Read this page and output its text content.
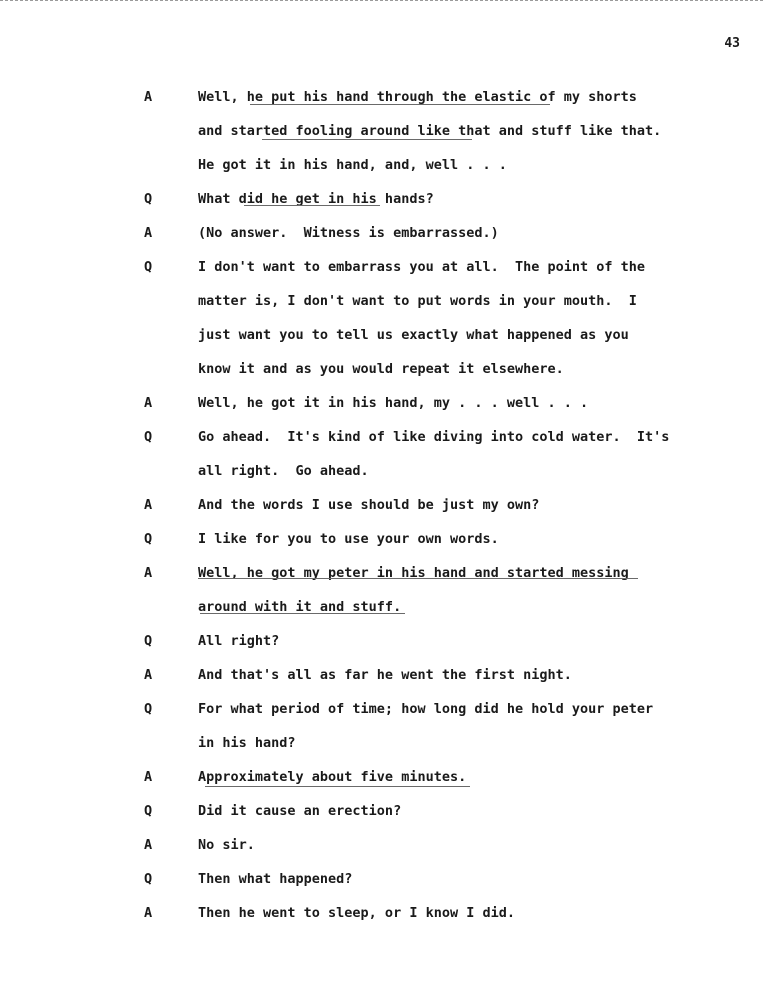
43
A	Well, he put his hand through the elastic of my shorts
and started fooling around like that and stuff like that.
He got it in his hand, and, well . . .
Q	What did he get in his hands?
A	(No answer.  Witness is embarrassed.)
Q	I don't want to embarrass you at all.  The point of the
matter is, I don't want to put words in your mouth.  I
just want you to tell us exactly what happened as you
know it and as you would repeat it elsewhere.
A	Well, he got it in his hand, my . . . well . . .
Q	Go ahead.  It's kind of like diving into cold water.  It's
all right.  Go ahead.
A	And the words I use should be just my own?
Q	I like for you to use your own words.
A	Well, he got my peter in his hand and started messing
around with it and stuff.
Q	All right?
A	And that's all as far he went the first night.
Q	For what period of time; how long did he hold your peter
in his hand?
A	Approximately about five minutes.
Q	Did it cause an erection?
A	No sir.
Q	Then what happened?
A	Then he went to sleep, or I know I did.
